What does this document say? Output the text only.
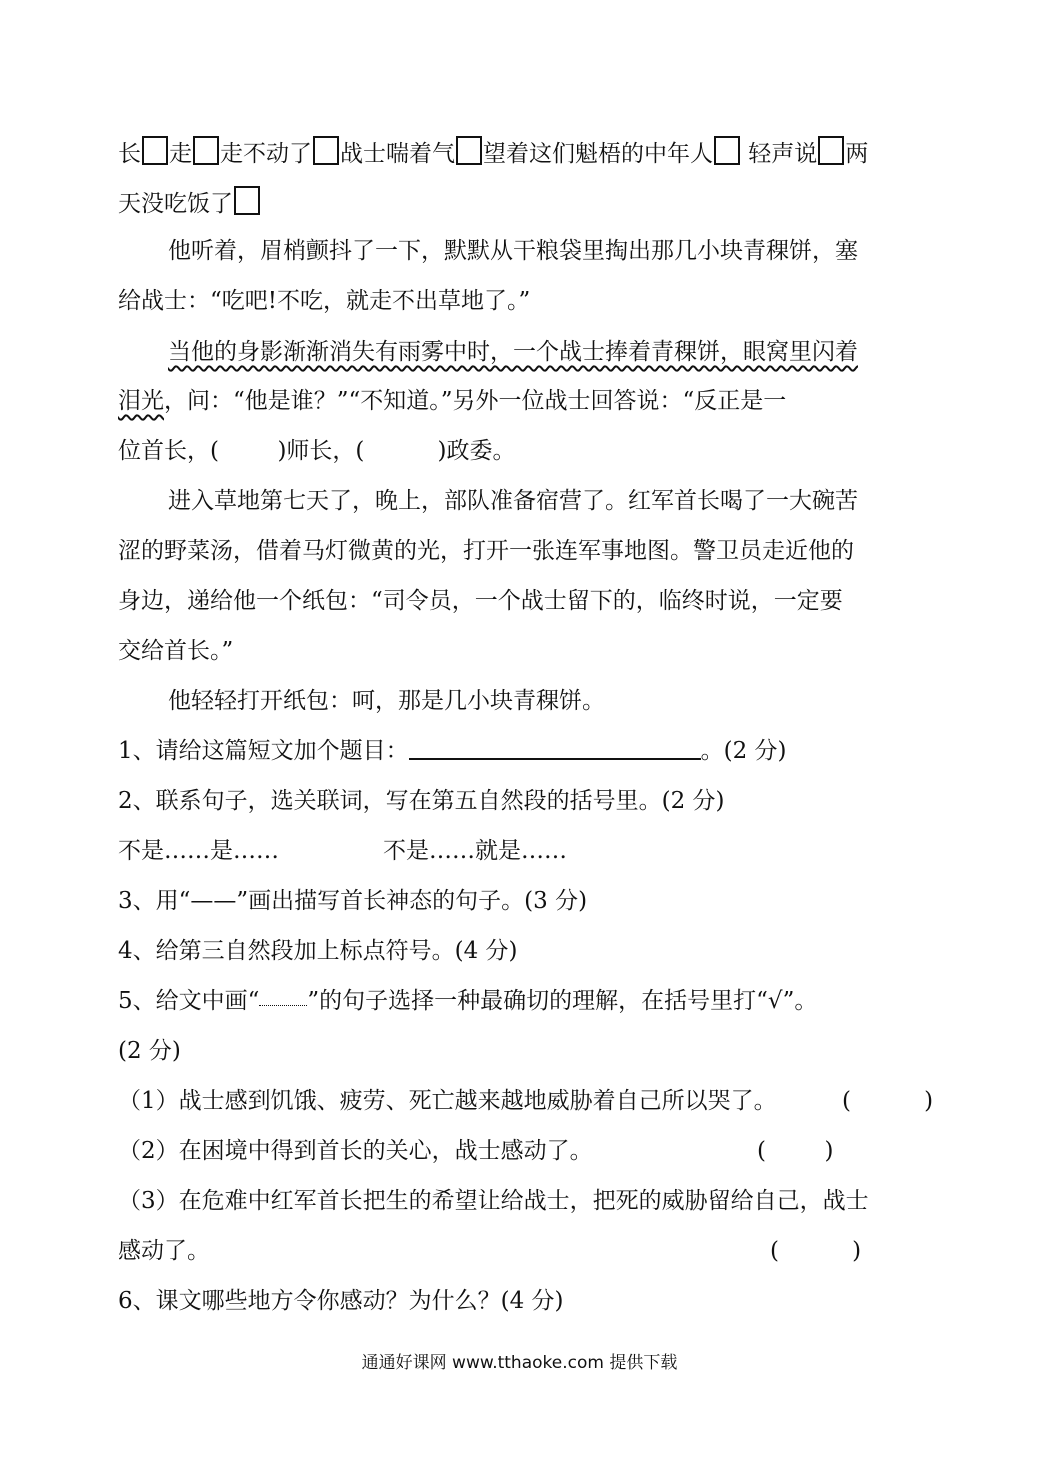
长 走 走不动了 战士喘着气 望着这们魁梧的中年人 轻声说 两
天没吃饭了
他听着，眉梢颤抖了一下，默默从干粮袋里掏出那几小块青稞饼，塞
给战士：“吃吧!不吃，就走不出草地了。”
当他的身影渐渐消失有雨雾中时，一个战士捧着青稞饼，眼窝里闪着
泪光，问：“他是谁？”“不知道。”另外一位战士回答说：“反正是一
位首长，(        )师长，(          )政委。
进入草地第七天了，晚上，部队准备宿营了。红军首长喝了一大碗苦
涩的野菜汤，借着马灯微黄的光，打开一张连军事地图。警卫员走近他的
身边，递给他一个纸包：“司令员，一个战士留下的，临终时说，一定要
交给首长。”
他轻轻打开纸包：呵，那是几小块青稞饼。
1、请给这篇短文加个题目：	。(2 分)
2、联系句子，选关联词，写在第五自然段的括号里。(2 分)
不是……是……	不是……就是……
3、用“——”画出描写首长神态的句子。(3 分)
4、给第三自然段加上标点符号。(4 分)
5、给文中画“ ”的句子选择一种最确切的理解，在括号里打“√”。
(2 分)
（1）战士感到饥饿、疲劳、死亡越来越地威胁着自己所以哭了。	(          )
（2）在困境中得到首长的关心，战士感动了。	(        )
（3）在危难中红军首长把生的希望让给战士，把死的威胁留给自己，战士
感动了。	(          )
6、课文哪些地方令你感动？为什么？(4 分)
通通好课网 www.tthaoke.com 提供下载
